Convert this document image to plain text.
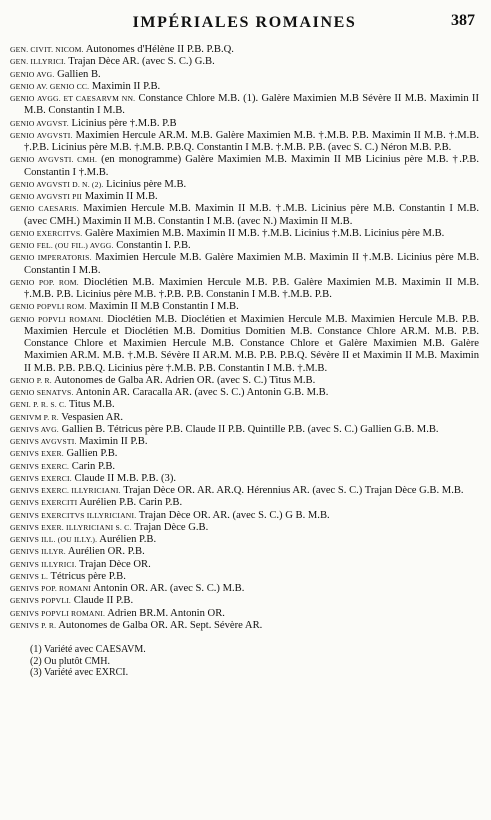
IMPÉRIALES ROMAINES	387
GEN. CIVIT. NICOM. Autonomes d'Hélène II P.B. P.B.Q.
GEN. ILLYRICI. Trajan Dèce AR. (avec S. C.) G.B.
GENIO AVG. Gallien B.
GENIO AV. GENIO CC. Maximin II P.B.
GENIO AVGG. ET CAESARVM NN. Constance Chlore M.B. (1). Galère Maximien M.B Sévère II M.B. Maximin II M.B. Constantin I M.B.
GENIO AVGVST. Licinius père †.M.B. P.B
GENIO AVGVSTI. Maximien Hercule AR.M. M.B. Galère Maximien M.B. †.M.B. P.B. Maximin II M.B. †.M.B. †.P.B. Licinius père M.B. †.M.B. P.B.Q. Constantin I M.B. †.M.B. P.B. (avec S. C.) Néron M.B. P.B.
GENIO AVGVSTI. CMH. (en monogramme) Galère Maximien M.B. Maximin II MB Licinius père M.B. †.P.B. Constantin I †.M.B.
GENIO AVGVSTI D. N. (2). Licinius père M.B.
GENIO AVGVSTI PII Maximin II M.B.
GENIO CAESARIS. Maximien Hercule M.B. Maximin II M.B. †.M.B. Licinius père M.B. Constantin I M.B. (avec CMH.) Maximin II M.B. Constantin I M.B. (avec N.) Maximin II M.B.
GENIO EXERCITVS. Galère Maximien M.B. Maximin II M.B. †.M.B. Licinius †.M.B. Licinius père M.B.
GENIO FEL. (OU FIL.) AVGG. Constantin I. P.B.
GENIO IMPERATORIS. Maximien Hercule M.B. Galère Maximien M.B. Maximin II †.M.B. Licinius père M.B. Constantin I M.B.
GENIO POP. ROM. Dioclétien M.B. Maximien Hercule M.B. P.B. Galère Maximien M.B. Maximin II M.B. †.M.B. P.B. Licinius père M.B. †.P.B. P.B. Constanin I M.B. †.M.B. P.B.
GENIO POPVLI ROM. Maximin II M.B Constantin I M.B.
GENIO POPVLI ROMANI. Dioclétien M.B. Dioclétien et Maximien Hercule M.B. Maximien Hercule M.B. P.B. Maximien Hercule et Dioclétien M.B. Domitius Domitien M.B. Constance Chlore AR.M. M.B. P.B. Constance Chlore et Maximien Hercule M.B. Constance Chlore et Galère Maximien M.B. Galère Maximien AR.M. M.B. †.M.B. Sévère II AR.M. M.B. P.B. P.B.Q. Sévère II et Maximin II M.B. Maximin II M.B. P.B. P.B.Q. Licinius père †.M.B. P.B. Constantin I M.B. †.M.B.
GENIO P. R. Autonomes de Galba AR. Adrien OR. (avec S. C.) Titus M.B.
GENIO SENATVS. Antonin AR. Caracalla AR. (avec S. C.) Antonin G.B. M.B.
GENI. P. R. S. C. Titus M.B.
GENIVM P. R. Vespasien AR.
GENIVS AVG. Gallien B. Tétricus père P.B. Claude II P.B. Quintille P.B. (avec S. C.) Gallien G.B. M.B.
GENIVS AVGVSTI. Maximin II P.B.
GENIVS EXER. Gallien P.B.
GENIVS EXERC. Carin P.B.
GENIVS EXERCI. Claude II M.B. P.B. (3).
GENIVS EXERC. ILLYRICIANI. Trajan Dèce OR. AR. AR.Q. Hérennius AR. (avec S. C.) Trajan Dèce G.B. M.B.
GENIVS EXERCITI Aurélien P.B. Carin P.B.
GENIVS EXERCITVS ILLYRICIANI. Trajan Dèce OR. AR. (avec S. C.) G B. M.B.
GENIVS EXER. ILLYRICIANI S. C. Trajan Dèce G.B.
GENIVS ILL. (OU ILLY.). Aurélien P.B.
GENIVS ILLYR. Aurélien OR. P.B.
GENIVS ILLYRICI. Trajan Dèce OR.
GENIVS L. Tétricus père P.B.
GENIVS POP. ROMANI Antonin OR. AR. (avec S. C.) M.B.
GENIVS POPVLI. Claude II P.B.
GENIVS POPVLI ROMANI. Adrien BR.M. Antonin OR.
GENIVS P. R. Autonomes de Galba OR. AR. Sept. Sévère AR.
(1) Variété avec CAESAVM.
(2) Ou plutôt CMH.
(3) Variété avec EXRCI.
